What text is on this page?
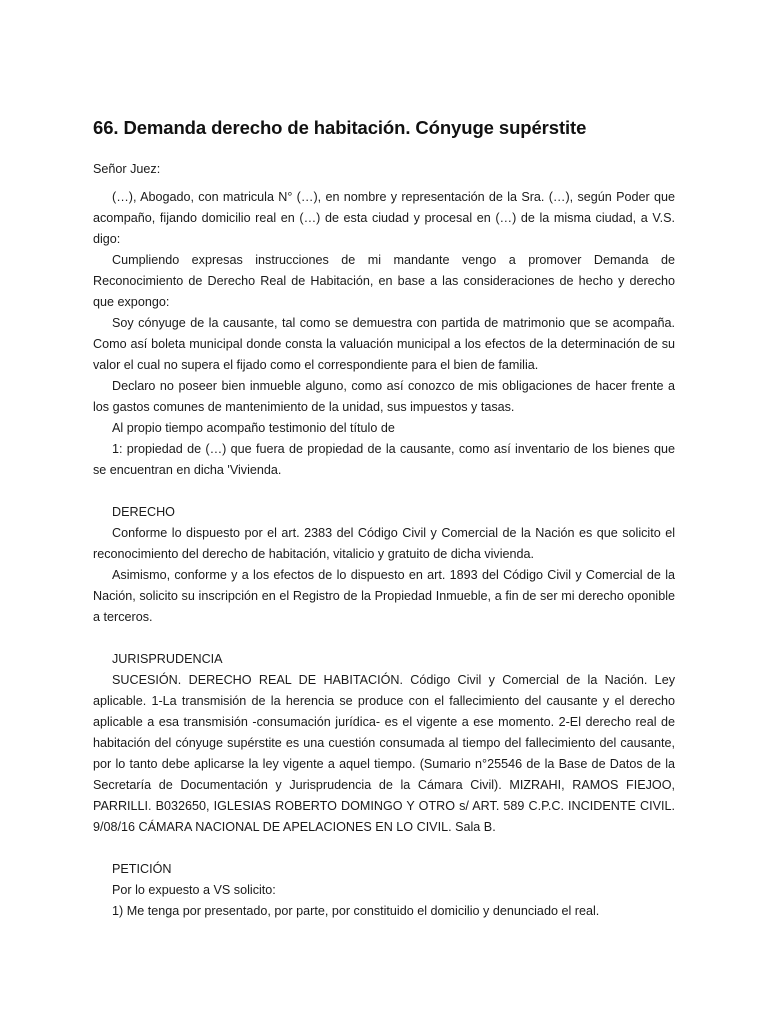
66. Demanda derecho de habitación. Cónyuge supérstite

Señor Juez:

(…), Abogado, con matricula N° (…), en nombre y representación de la Sra. (…), según Poder que acompaño, fijando domicilio real en (…) de esta ciudad y procesal en (…) de la misma ciudad, a V.S. digo:

Cumpliendo expresas instrucciones de mi mandante vengo a promover Demanda de Reconocimiento de Derecho Real de Habitación, en base a las consideraciones de hecho y derecho que expongo:

Soy cónyuge de la causante, tal como se demuestra con partida de matrimonio que se acompaña. Como así boleta municipal donde consta la valuación municipal a los efectos de la determinación de su valor el cual no supera el fijado como el correspondiente para el bien de familia.

Declaro no poseer bien inmueble alguno, como así conozco de mis obligaciones de hacer frente a los gastos comunes de mantenimiento de la unidad, sus impuestos y tasas.

Al propio tiempo acompaño testimonio del título de

1: propiedad de (…) que fuera de propiedad de la causante, como así inventario de los bienes que se encuentran en dicha 'Vivienda.

DERECHO

Conforme lo dispuesto por el art. 2383 del Código Civil y Comercial de la Nación es que solicito el reconocimiento del derecho de habitación, vitalicio y gratuito de dicha vivienda.

Asimismo, conforme y a los efectos de lo dispuesto en art. 1893 del Código Civil y Comercial de la Nación, solicito su inscripción en el Registro de la Propiedad Inmueble, a fin de ser mi derecho oponible a terceros.

JURISPRUDENCIA

SUCESIÓN. DERECHO REAL DE HABITACIÓN. Código Civil y Comercial de la Nación. Ley aplicable. 1-La transmisión de la herencia se produce con el fallecimiento del causante y el derecho aplicable a esa transmisión -consumación jurídica- es el vigente a ese momento. 2-El derecho real de habitación del cónyuge supérstite es una cuestión consumada al tiempo del fallecimiento del causante, por lo tanto debe aplicarse la ley vigente a aquel tiempo. (Sumario n°25546 de la Base de Datos de la Secretaría de Documentación y Jurisprudencia de la Cámara Civil). MIZRAHI, RAMOS FIEJOO, PARRILLI. B032650, IGLESIAS ROBERTO DOMINGO Y OTRO s/ ART. 589 C.P.C. INCIDENTE CIVIL. 9/08/16 CÁMARA NACIONAL DE APELACIONES EN LO CIVIL. Sala B.

PETICIÓN

Por lo expuesto a VS solicito:

1) Me tenga por presentado, por parte, por constituido el domicilio y denunciado el real.
